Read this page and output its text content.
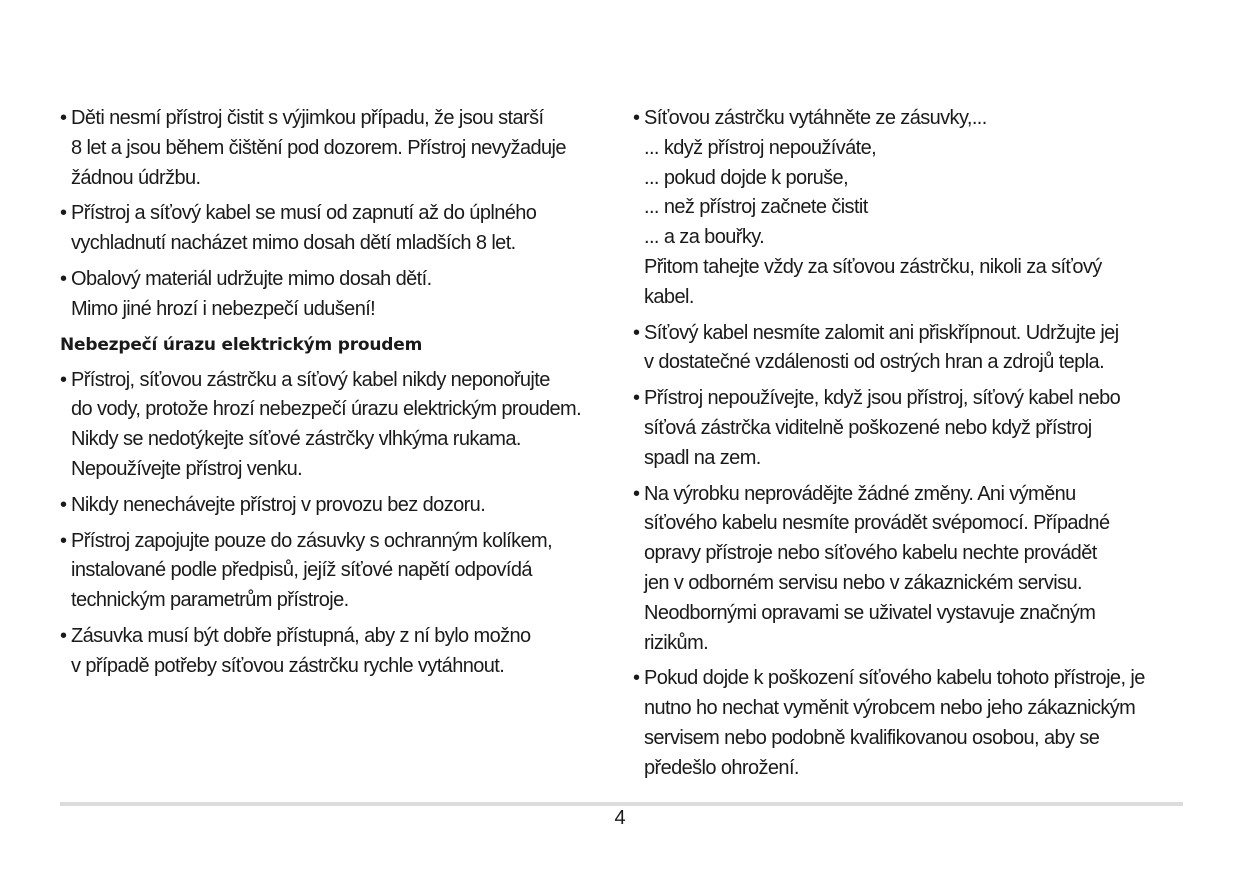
• Děti nesmí přístroj čistit s výjimkou případu, že jsou starší

8 let a jsou během čištění pod dozorem. Přístroj nevyžaduje

žádnou údržbu.

• Přístroj a síťový kabel se musí od zapnutí až do úplného

vychladnutí nacházet mimo dosah dětí mladších 8 let.

• Obalový materiál udržujte mimo dosah dětí.

Mimo jiné hrozí i nebezpečí udušení!

Nebezpečí úrazu elektrickým proudem
• Přístroj, síťovou zástrčku a síťový kabel nikdy neponořujte

do vody, protože hrozí nebezpečí úrazu elektrickým proudem.

Nikdy se nedotýkejte síťové zástrčky vlhkýma rukama.

Nepoužívejte přístroj venku.

• Nikdy nenechávejte přístroj v provozu bez dozoru.

• Přístroj zapojujte pouze do zásuvky s ochranným kolíkem,

instalované podle předpisů, jejíž síťové napětí odpovídá

technickým parametrům přístroje.

• Zásuvka musí být dobře přístupná, aby z ní bylo možno

v případě potřeby síťovou zástrčku rychle vytáhnout.

• Síťovou zástrčku vytáhněte ze zásuvky,...

... když přístroj nepoužíváte,

... pokud dojde k poruše,

... než přístroj začnete čistit

... a za bouřky.

Přitom tahejte vždy za síťovou zástrčku, nikoli za síťový

kabel.

• Síťový kabel nesmíte zalomit ani přiskřípnout. Udržujte jej

v dostatečné vzdálenosti od ostrých hran a zdrojů tepla.

• Přístroj nepoužívejte, když jsou přístroj, síťový kabel nebo

síťová zástrčka viditelně poškozené nebo když přístroj

spadl na zem.

• Na výrobku neprovádějte žádné změny. Ani výměnu

síťového kabelu nesmíte provádět svépomocí. Případné

opravy přístroje nebo síťového kabelu nechte provádět

jen v odborném servisu nebo v zákaznickém servisu.

Neodbornými opravami se uživatel vystavuje značným

rizikům.

• Pokud dojde k poškození síťového kabelu tohoto přístroje, je

nutno ho nechat vyměnit výrobcem nebo jeho zákaznickým

servisem nebo podobně kvalifikovanou osobou, aby se

předešlo ohrožení.

4
